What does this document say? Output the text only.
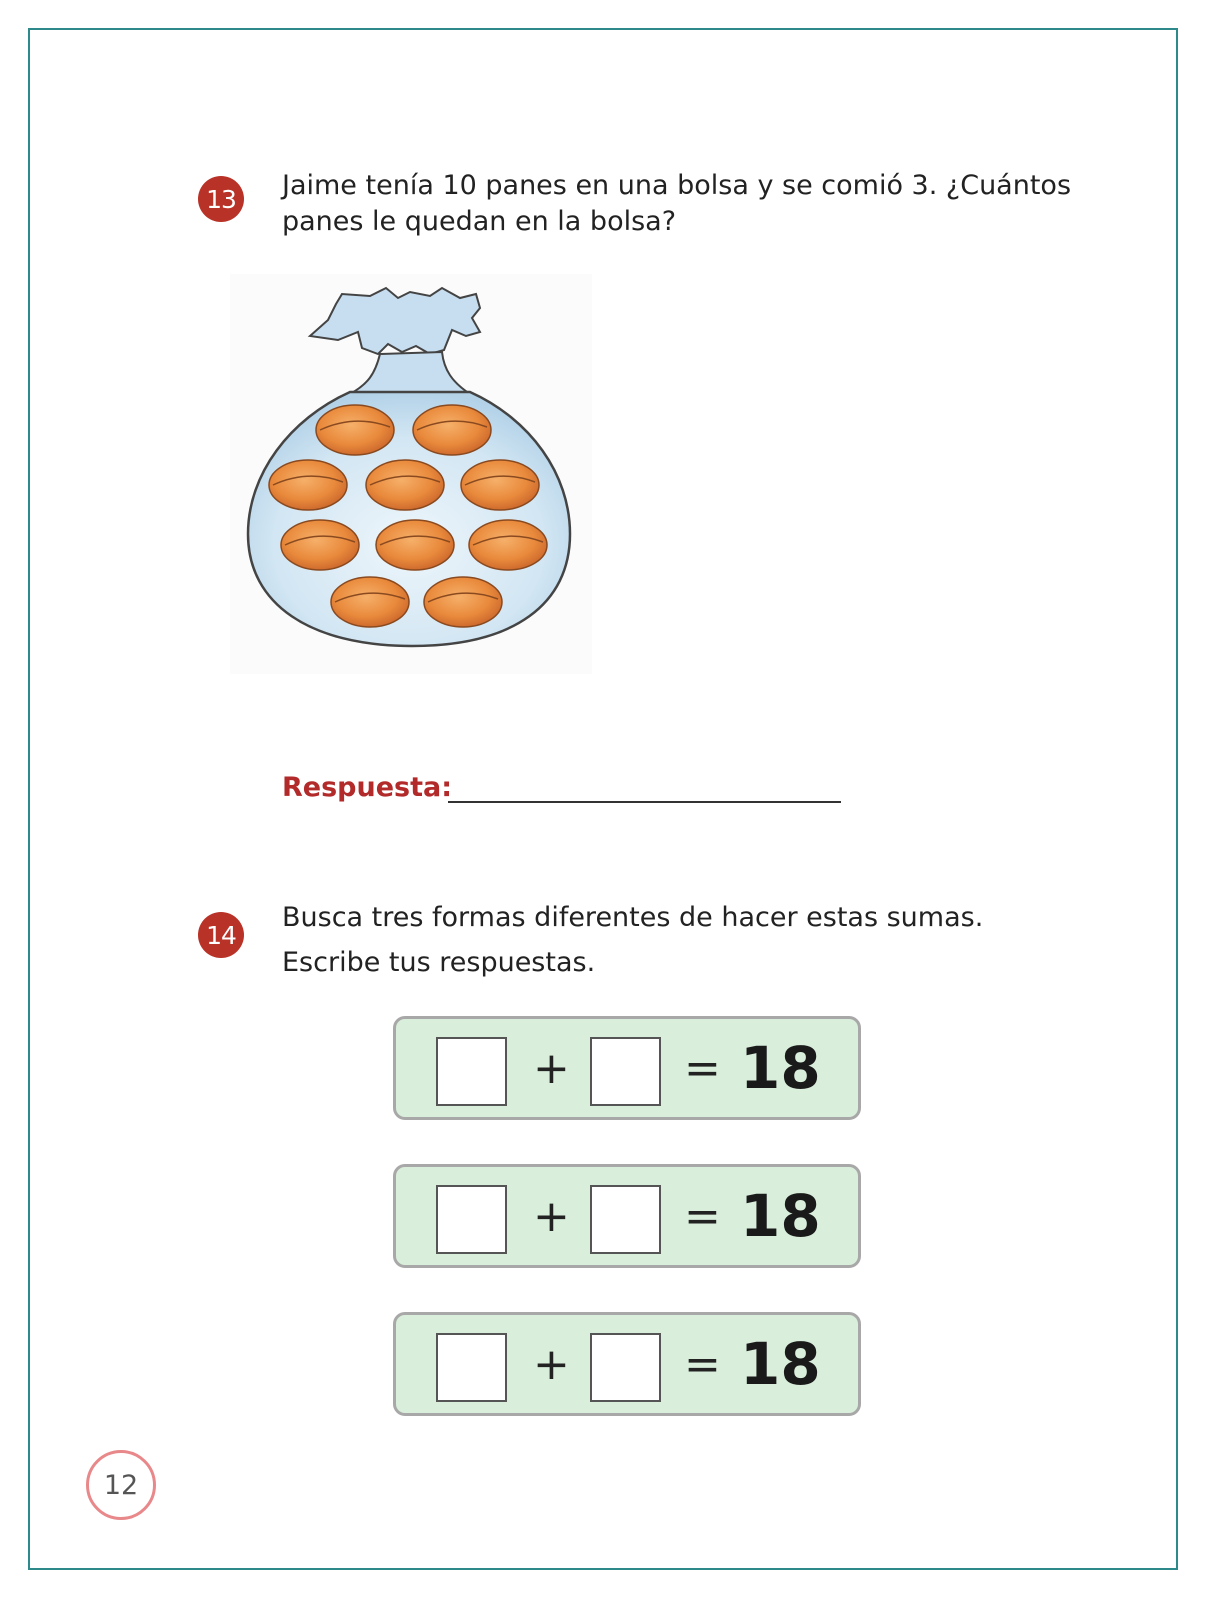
13 Jaime tenía 10 panes en una bolsa y se comió 3. ¿Cuántos
panes le quedan en la bolsa?
Respuesta:
14
Busca tres formas diferentes de hacer estas sumas.
Escribe tus respuestas.
+	= 18
+	= 18
+	= 18
12
